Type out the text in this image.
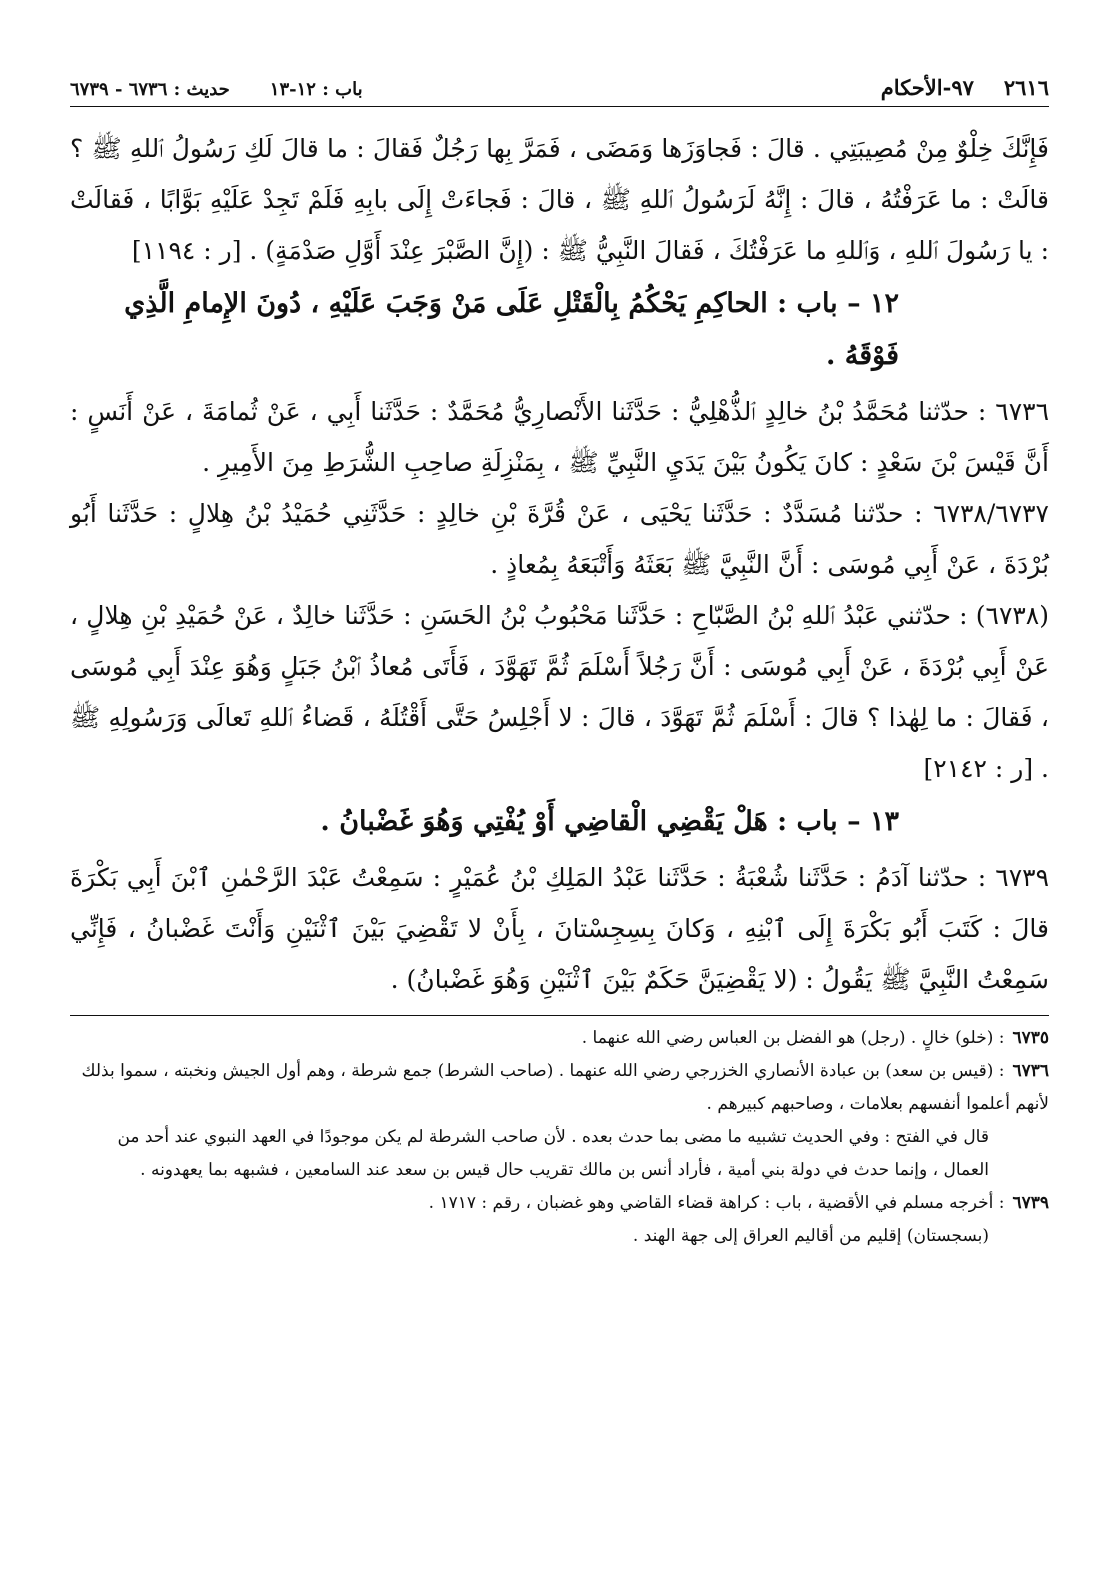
٢٦١٦
٩٧-الأحكام
باب : ١٢-١٣
حديث : ٦٧٣٦ - ٦٧٣٩

فَإِنَّكَ خِلْوٌ مِنْ مُصِيبَتِي . قالَ : فَجاوَزَها وَمَضَى ، فَمَرَّ بِها رَجُلٌ فَقالَ : ما قالَ لَكِ رَسُولُ ٱللهِ ﷺ ؟ قالَتْ : ما عَرَفْتُهُ ، قالَ : إِنَّهُ لَرَسُولُ ٱللهِ ﷺ ، قالَ : فَجاءَتْ إِلَى بابِهِ فَلَمْ تَجِدْ عَلَيْهِ بَوَّابًا ، فَقالَتْ : يا رَسُولَ ٱللهِ ، وَٱللهِ ما عَرَفْتُكَ ، فَقالَ النَّبِيُّ ﷺ : (إِنَّ الصَّبْرَ عِنْدَ أَوَّلِ صَدْمَةٍ) . [ر : ١١٩٤]

١٢ – باب : الحاكِمِ يَحْكُمُ بِالْقَتْلِ عَلَى مَنْ وَجَبَ عَلَيْهِ ، دُونَ الإِمامِ الَّذِي فَوْقَهُ .

٦٧٣٦ : حدّثنا مُحَمَّدُ بْنُ خالِدٍ ٱلذُّهْلِيُّ : حَدَّثَنا الأَنْصارِيُّ مُحَمَّدٌ : حَدَّثَنا أَبِي ، عَنْ ثُمامَةَ ، عَنْ أَنَسٍ : أَنَّ قَيْسَ بْنَ سَعْدٍ : كانَ يَكُونُ بَيْنَ يَدَيِ النَّبِيِّ ﷺ ، بِمَنْزِلَةِ صاحِبِ الشُّرَطِ مِنَ الأَمِيرِ .

٦٧٣٨/٦٧٣٧ : حدّثنا مُسَدَّدٌ : حَدَّثَنا يَحْيَى ، عَنْ قُرَّةَ بْنِ خالِدٍ : حَدَّثَنِي حُمَيْدُ بْنُ هِلالٍ : حَدَّثَنا أَبُو بُرْدَةَ ، عَنْ أَبِي مُوسَى : أَنَّ النَّبِيَّ ﷺ بَعَثَهُ وَأَتْبَعَهُ بِمُعاذٍ .

(٦٧٣٨) : حدّثني عَبْدُ ٱللهِ بْنُ الصَّبّاحِ : حَدَّثَنا مَحْبُوبُ بْنُ الحَسَنِ : حَدَّثَنا خالِدٌ ، عَنْ حُمَيْدِ بْنِ هِلالٍ ، عَنْ أَبِي بُرْدَةَ ، عَنْ أَبِي مُوسَى : أَنَّ رَجُلاً أَسْلَمَ ثُمَّ تَهَوَّدَ ، فَأَتَى مُعاذُ ٱبْنُ جَبَلٍ وَهُوَ عِنْدَ أَبِي مُوسَى ، فَقالَ : ما لِهٰذا ؟ قالَ : أَسْلَمَ ثُمَّ تَهَوَّدَ ، قالَ : لا أَجْلِسُ حَتَّى أَقْتُلَهُ ، قَضاءُ ٱللهِ تَعالَى وَرَسُولِهِ ﷺ . [ر : ٢١٤٢]

١٣ – باب : هَلْ يَقْضِي الْقاضِي أَوْ يُفْتِي وَهُوَ غَضْبانُ .

٦٧٣٩ : حدّثنا آدَمُ : حَدَّثَنا شُعْبَةُ : حَدَّثَنا عَبْدُ المَلِكِ بْنُ عُمَيْرٍ : سَمِعْتُ عَبْدَ الرَّحْمٰنِ ٱبْنَ أَبِي بَكْرَةَ قالَ : كَتَبَ أَبُو بَكْرَةَ إِلَى ٱبْنِهِ ، وَكانَ بِسِجِسْتانَ ، بِأَنْ لا تَقْضِيَ بَيْنَ ٱثْنَيْنِ وَأَنْتَ غَضْبانُ ، فَإِنِّي سَمِعْتُ النَّبِيَّ ﷺ يَقُولُ : (لا يَقْضِيَنَّ حَكَمٌ بَيْنَ ٱثْنَيْنِ وَهُوَ غَضْبانُ) .

٦٧٣٥: (خلو) خالٍ . (رجل) هو الفضل بن العباس رضي الله عنهما .

٦٧٣٦: (قيس بن سعد) بن عبادة الأنصاري الخزرجي رضي الله عنهما . (صاحب الشرط) جمع شرطة ، وهم أول الجيش ونخبته ، سموا بذلك لأنهم أعلموا أنفسهم بعلامات ، وصاحبهم كبيرهم .

قال في الفتح : وفي الحديث تشبيه ما مضى بما حدث بعده . لأن صاحب الشرطة لم يكن موجودًا في العهد النبوي عند أحد من العمال ، وإنما حدث في دولة بني أمية ، فأراد أنس بن مالك تقريب حال قيس بن سعد عند السامعين ، فشبهه بما يعهدونه .

٦٧٣٩: أخرجه مسلم في الأقضية ، باب : كراهة قضاء القاضي وهو غضبان ، رقم : ١٧١٧ .

(بسجستان) إقليم من أقاليم العراق إلى جهة الهند .
